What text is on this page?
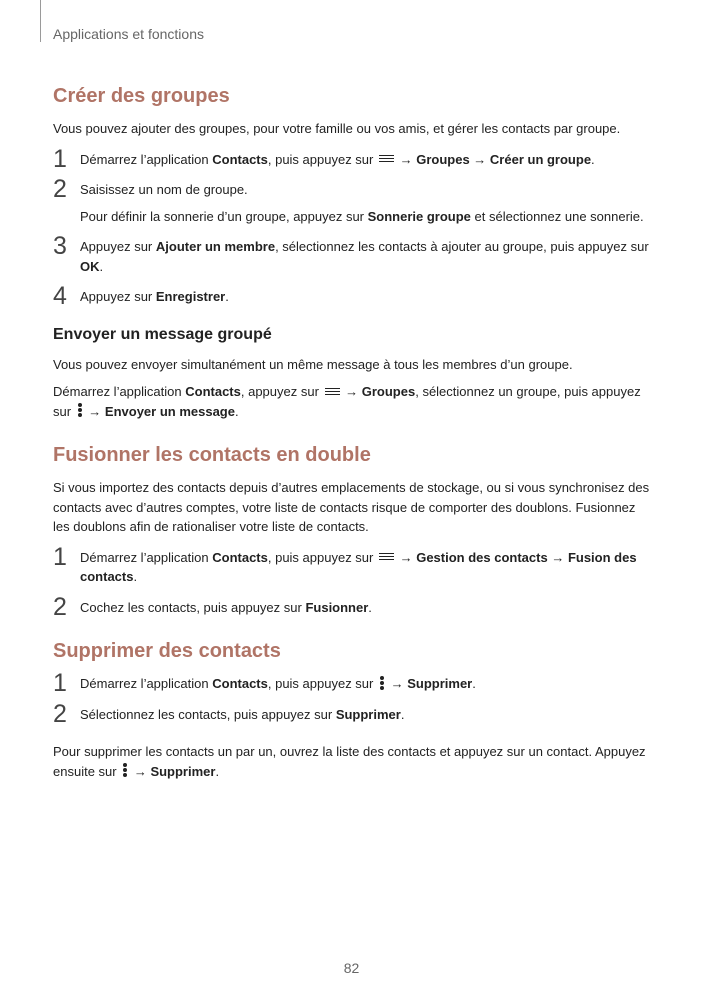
Applications et fonctions
Créer des groupes

Vous pouvez ajouter des groupes, pour votre famille ou vos amis, et gérer les contacts par groupe.

1 Démarrez l’application Contacts, puis appuyez sur
→ Groupes → Créer un groupe.

2 Saisissez un nom de groupe.

Pour définir la sonnerie d’un groupe, appuyez sur Sonnerie groupe et sélectionnez une sonnerie.

3 Appuyez sur Ajouter un membre, sélectionnez les contacts à ajouter au groupe, puis appuyez sur OK.

4 Appuyez sur Enregistrer.

Envoyer un message groupé

Vous pouvez envoyer simultanément un même message à tous les membres d’un groupe.

Démarrez l’application Contacts, appuyez sur
→ Groupes, sélectionnez un groupe, puis appuyez sur
→ Envoyer un message.

Fusionner les contacts en double

Si vous importez des contacts depuis d’autres emplacements de stockage, ou si vous synchronisez des contacts avec d’autres comptes, votre liste de contacts risque de comporter des doublons. Fusionnez les doublons afin de rationaliser votre liste de contacts.

1 Démarrez l’application Contacts, puis appuyez sur
→ Gestion des contacts → Fusion des contacts.

2 Cochez les contacts, puis appuyez sur Fusionner.

Supprimer des contacts
1 Démarrez l’application Contacts, puis appuyez sur
→ Supprimer.

2 Sélectionnez les contacts, puis appuyez sur Supprimer.

Pour supprimer les contacts un par un, ouvrez la liste des contacts et appuyez sur un contact. Appuyez ensuite sur
→ Supprimer.

82
